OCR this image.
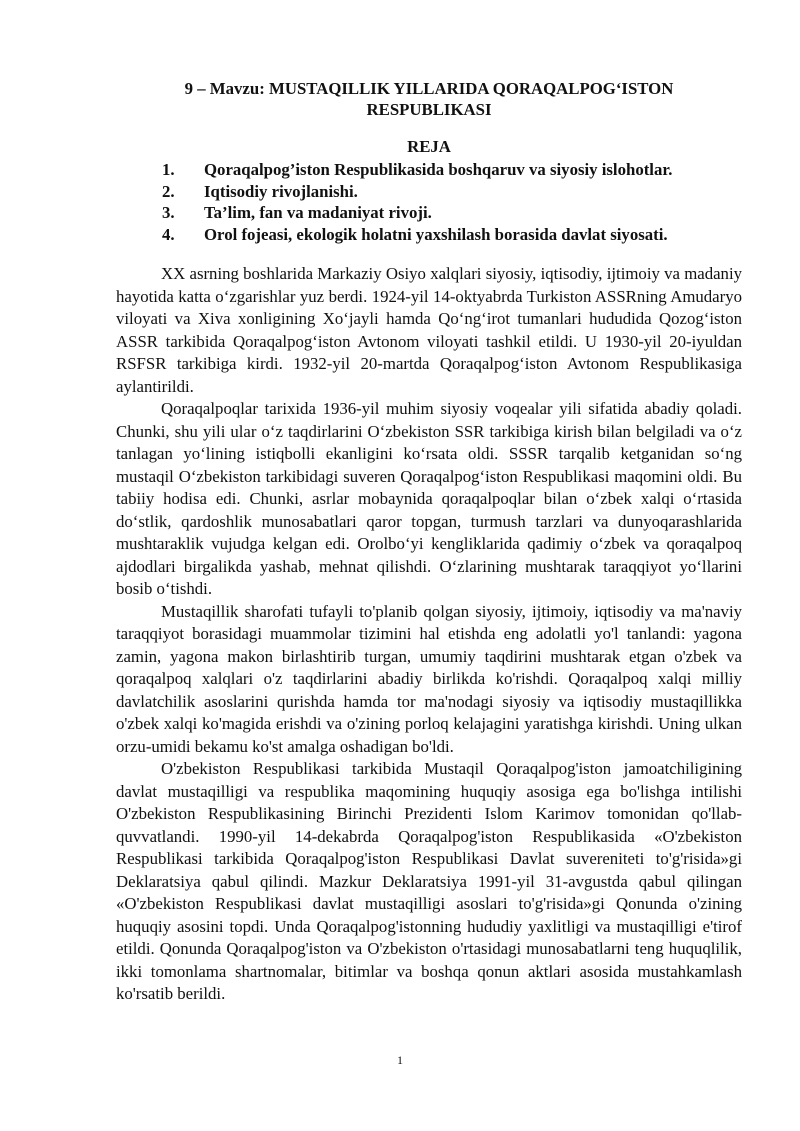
9 – Mavzu: MUSTAQILLIK YILLARIDA QORAQALPOG‘ISTON RESPUBLIKASI
REJA
1.	Qoraqalpog’iston Respublikasida boshqaruv va siyosiy islohotlar.
2.	Iqtisodiy rivojlanishi.
3.	Ta’lim, fan va madaniyat rivoji.
4.	Orol fojeasi, ekologik holatni yaxshilash borasida davlat siyosati.

XX asrning boshlarida Markaziy Osiyo xalqlari siyosiy, iqtisodiy, ijtimoiy va madaniy hayotida katta o‘zgarishlar yuz berdi. 1924-yil 14-oktyabrda Turkiston ASSRning Amudaryo viloyati va Xiva xonligining Xo‘jayli hamda Qo‘ng‘irot tumanlari hududida Qozog‘iston ASSR tarkibida Qoraqalpog‘iston Avtonom viloyati tashkil etildi. U 1930-yil 20-iyuldan RSFSR tarkibiga kirdi. 1932-yil 20-martda Qoraqalpog‘iston Avtonom Respublikasiga aylantirildi.

Qoraqalpoqlar tarixida 1936-yil muhim siyosiy voqealar yili sifatida abadiy qoladi. Chunki, shu yili ular o‘z taqdirlarini O‘zbekiston SSR tarkibiga kirish bilan belgiladi va o‘z tanlagan yo‘lining istiqbolli ekanligini ko‘rsata oldi. SSSR tarqalib ketganidan so‘ng mustaqil O‘zbekiston tarkibidagi suveren Qoraqalpog‘iston Respublikasi maqomini oldi. Bu tabiiy hodisa edi. Chunki, asrlar mobaynida qoraqalpoqlar bilan o‘zbek xalqi o‘rtasida do‘stlik, qardoshlik munosabatlari qaror topgan, turmush tarzlari va dunyoqarashlarida mushtaraklik vujudga kelgan edi. Orolbo‘yi kengliklarida qadimiy o‘zbek va qoraqalpoq ajdodlari birgalikda yashab, mehnat qilishdi. O‘zlarining mushtarak taraqqiyot yo‘llarini bosib o‘tishdi.

Mustaqillik sharofati tufayli to'planib qolgan siyosiy, ijtimoiy, iqtisodiy va ma'naviy taraqqiyot borasidagi muammolar tizimini hal etishda eng adolatli yo'l tanlandi: yagona zamin, yagona makon birlashtirib turgan, umumiy taqdirini mushtarak etgan o'zbek va qoraqalpoq xalqlari o'z taqdirlarini abadiy birlikda ko'rishdi. Qoraqalpoq xalqi milliy davlatchilik asoslarini qurishda hamda tor ma'nodagi siyosiy va iqtisodiy mustaqillikka o'zbek xalqi ko'magida erishdi va o'zining porloq kelajagini yaratishga kirishdi. Uning ulkan orzu-umidi bekamu ko'st amalga oshadigan bo'ldi.

O'zbekiston Respublikasi tarkibida Mustaqil Qoraqalpog'iston jamoatchiligining davlat mustaqilligi va respublika maqomining huquqiy asosiga ega bo'lishga intilishi O'zbekiston Respublikasining Birinchi Prezidenti Islom Karimov tomonidan qo'llab-quvvatlandi. 1990-yil 14-dekabrda Qoraqalpog'iston Respublikasida «O'zbekiston Respublikasi tarkibida Qoraqalpog'iston Respublikasi Davlat suvereniteti to'g'risida»gi Deklaratsiya qabul qilindi. Mazkur Deklaratsiya 1991-yil 31-avgustda qabul qilingan «O'zbekiston Respublikasi davlat mustaqilligi asoslari to'g'risida»gi Qonunda o'zining huquqiy asosini topdi. Unda Qoraqalpog'istonning hududiy yaxlitligi va mustaqilligi e'tirof etildi. Qonunda Qoraqalpog'iston va O'zbekiston o'rtasidagi munosabatlarni teng huquqlilik, ikki tomonlama shartnomalar, bitimlar va boshqa qonun aktlari asosida mustahkamlash ko'rsatib berildi.

1
